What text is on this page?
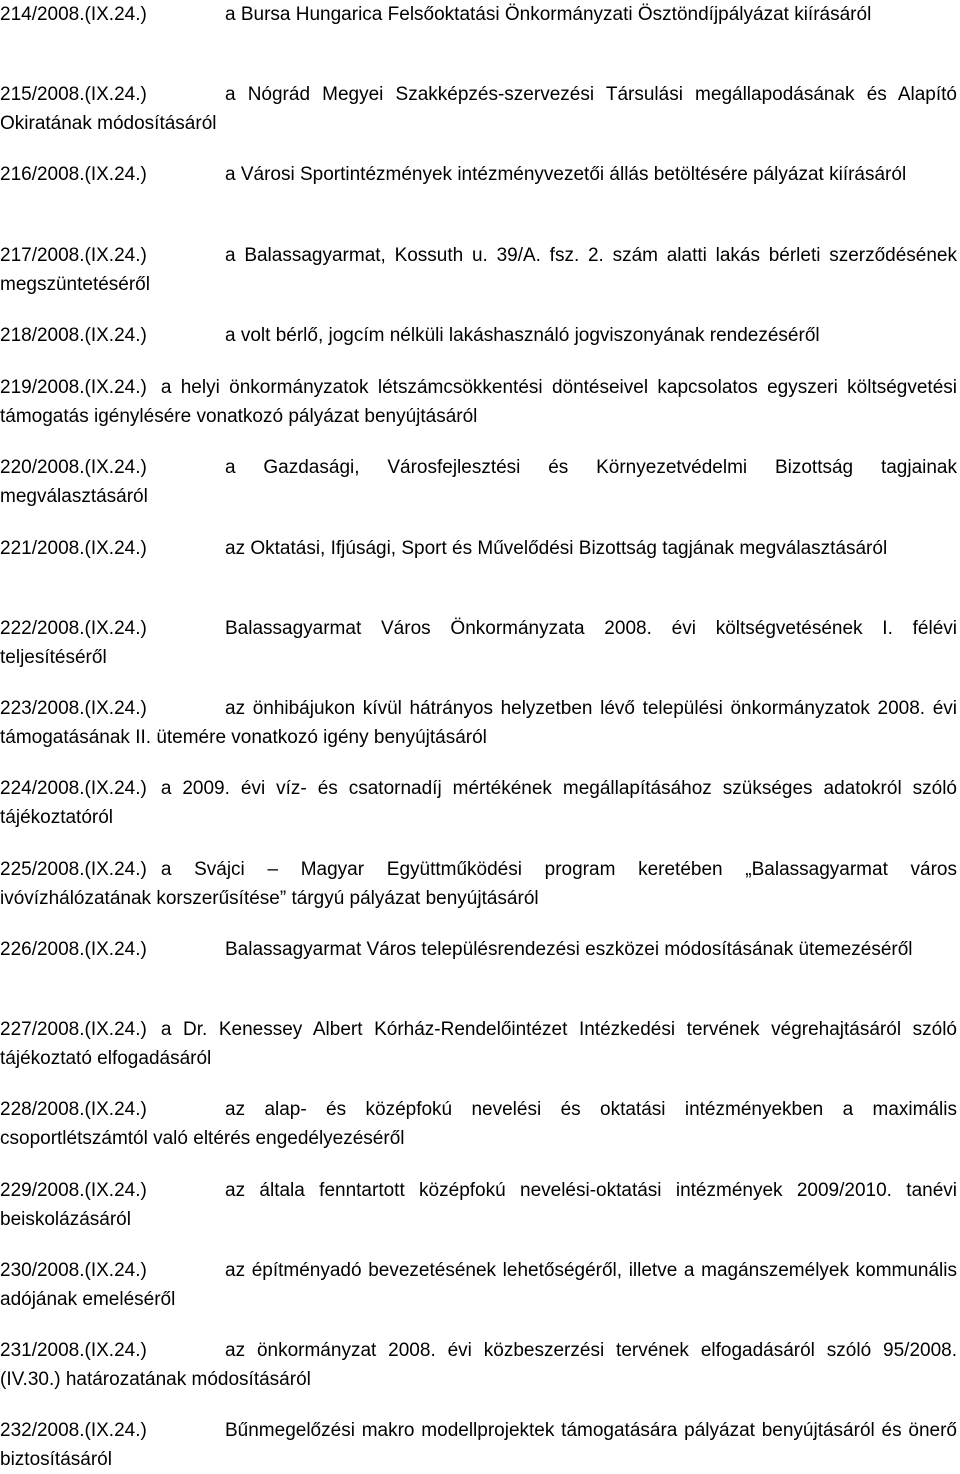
214/2008.(IX.24.)	a Bursa Hungarica Felsőoktatási Önkormányzati Ösztöndíjpályázat kiírásáról
215/2008.(IX.24.)	a Nógrád Megyei Szakképzés-szervezési Társulási megállapodásának és Alapító Okiratának módosításáról
216/2008.(IX.24.)	a Városi Sportintézmények intézményvezetői állás betöltésére pályázat kiírásáról
217/2008.(IX.24.)	a Balassagyarmat, Kossuth u. 39/A. fsz. 2. szám alatti lakás bérleti szerződésének megszüntetéséről
218/2008.(IX.24.)	a volt bérlő, jogcím nélküli lakáshasználó jogviszonyának rendezéséről
219/2008.(IX.24.) a helyi önkormányzatok létszámcsökkentési döntéseivel kapcsolatos egyszeri költségvetési támogatás igénylésére vonatkozó pályázat benyújtásáról
220/2008.(IX.24.)	a Gazdasági, Városfejlesztési és Környezetvédelmi Bizottság tagjainak megválasztásáról
221/2008.(IX.24.)	az Oktatási, Ifjúsági, Sport és Művelődési Bizottság tagjának megválasztásáról
222/2008.(IX.24.)	Balassagyarmat Város Önkormányzata 2008. évi költségvetésének I. félévi teljesítéséről
223/2008.(IX.24.)	az önhibájukon kívül hátrányos helyzetben lévő települési önkormányzatok 2008. évi támogatásának II. ütemére vonatkozó igény benyújtásáról
224/2008.(IX.24.) a 2009. évi víz- és csatornadíj mértékének megállapításához szükséges adatokról szóló tájékoztatóról
225/2008.(IX.24.) a Svájci – Magyar Együttműködési program keretében „Balassagyarmat város ivóvízhálózatának korszerűsítése” tárgyú pályázat benyújtásáról
226/2008.(IX.24.)	Balassagyarmat Város településrendezési eszközei módosításának ütemezéséről
227/2008.(IX.24.) a Dr. Kenessey Albert Kórház-Rendelőintézet Intézkedési tervének végrehajtásáról szóló tájékoztató elfogadásáról
228/2008.(IX.24.)	az alap- és középfokú nevelési és oktatási intézményekben a maximális csoportlétszámtól való eltérés engedélyezéséről
229/2008.(IX.24.)	az általa fenntartott középfokú nevelési-oktatási intézmények 2009/2010. tanévi beiskolázásáról
230/2008.(IX.24.)	az építményadó bevezetésének lehetőségéről, illetve a magánszemélyek kommunális adójának emeléséről
231/2008.(IX.24.)	az önkormányzat 2008. évi közbeszerzési tervének elfogadásáról szóló 95/2008.(IV.30.) határozatának módosításáról
232/2008.(IX.24.)	Bűnmegelőzési makro modellprojektek támogatására pályázat benyújtásáról és önerő biztosításáról
